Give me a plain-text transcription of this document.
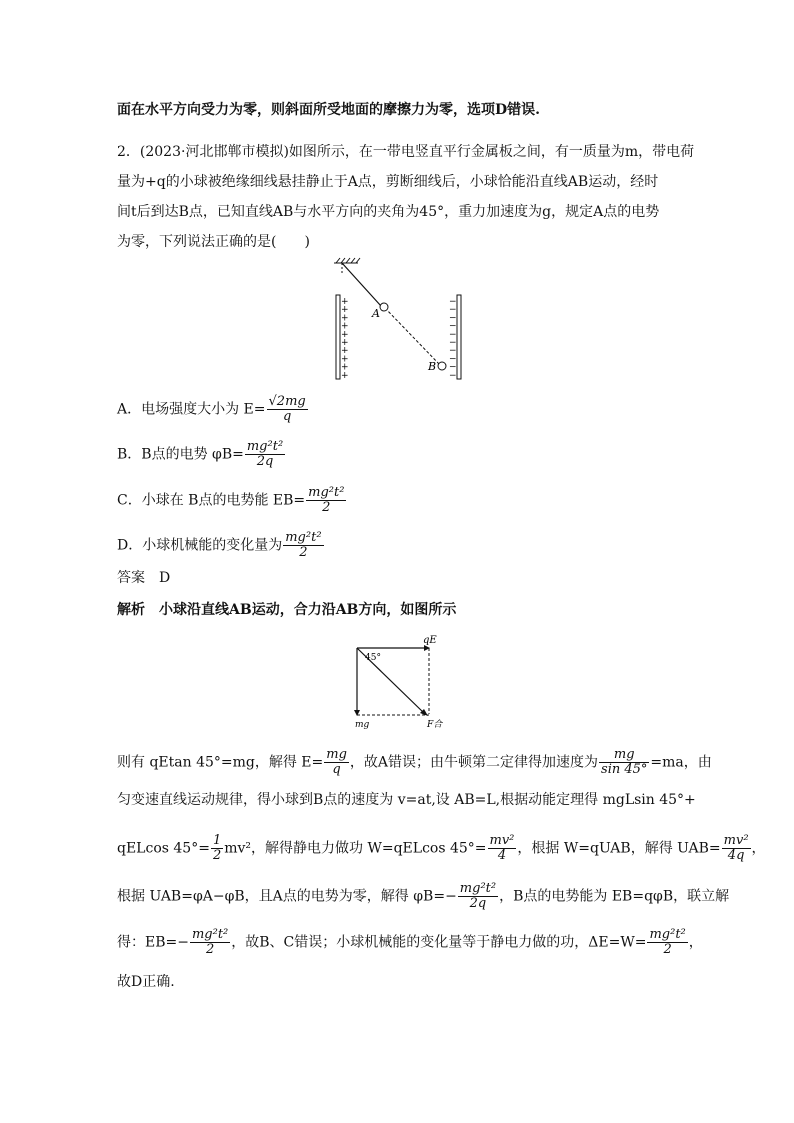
面在水平方向受力为零，则斜面所受地面的摩擦力为零，选项D错误.
2．(2023·河北邯郸市模拟)如图所示，在一带电竖直平行金属板之间，有一质量为m，带电荷
量为+q的小球被绝缘细线悬挂静止于A点，剪断细线后，小球恰能沿直线AB运动，经时
间t后到达B点，已知直线AB与水平方向的夹角为45°，重力加速度为g，规定A点的电势
为零，下列说法正确的是(　　)
A
B
+
+
+
+
+
+
+
+
+
+
−
−
−
−
−
−
−
−
−
−
A．电场强度大小为 $E= \frac{√2mg}{q}$
B．B点的电势 $\varphi B= \frac{\text{mg²t²}}{2q}$
C．小球在 B点的电势能 $EB= \frac{\text{mg²t²}}{2}$
D．小球机械能的变化量为 $\frac{\text{mg²t²}}{2}$
答案　D
解析　小球沿直线AB运动，合力沿AB方向，如图所示
qE
45°
mg	F合
则有 qEtan 45°=mg，解得 $E= \frac{mg}{q}$ ，故A错误；由牛顿第二定律得加速度为 $\frac{mg}{\sin 45^\circ} =ma$，由
匀变速直线运动规律，得小球到B点的速度为 v=at,设 AB=L,根据动能定理得 mgLsin 45°+
qELcos $45^\circ= \frac{1}{2} mv^2$，解得静电力做功 W=qELcos $45^\circ= \frac{\text{mv²}}{4}$ ，根据 W=qUAB，解得 $UAB= \frac{\text{mv²}}{4q}$ ，
根据 UAB=φA−φB，且A点的电势为零，解得 $\varphi B=- \frac{\text{mg²t²}}{2q}$ ，B点的电势能为 EB=qφB，联立解
得：$EB=- \frac{\text{mg²t²}}{2}$ ，故B、C错误；小球机械能的变化量等于静电力做的功，$\Delta E=W= \frac{\text{mg²t²}}{2}$ ，
故D正确.
